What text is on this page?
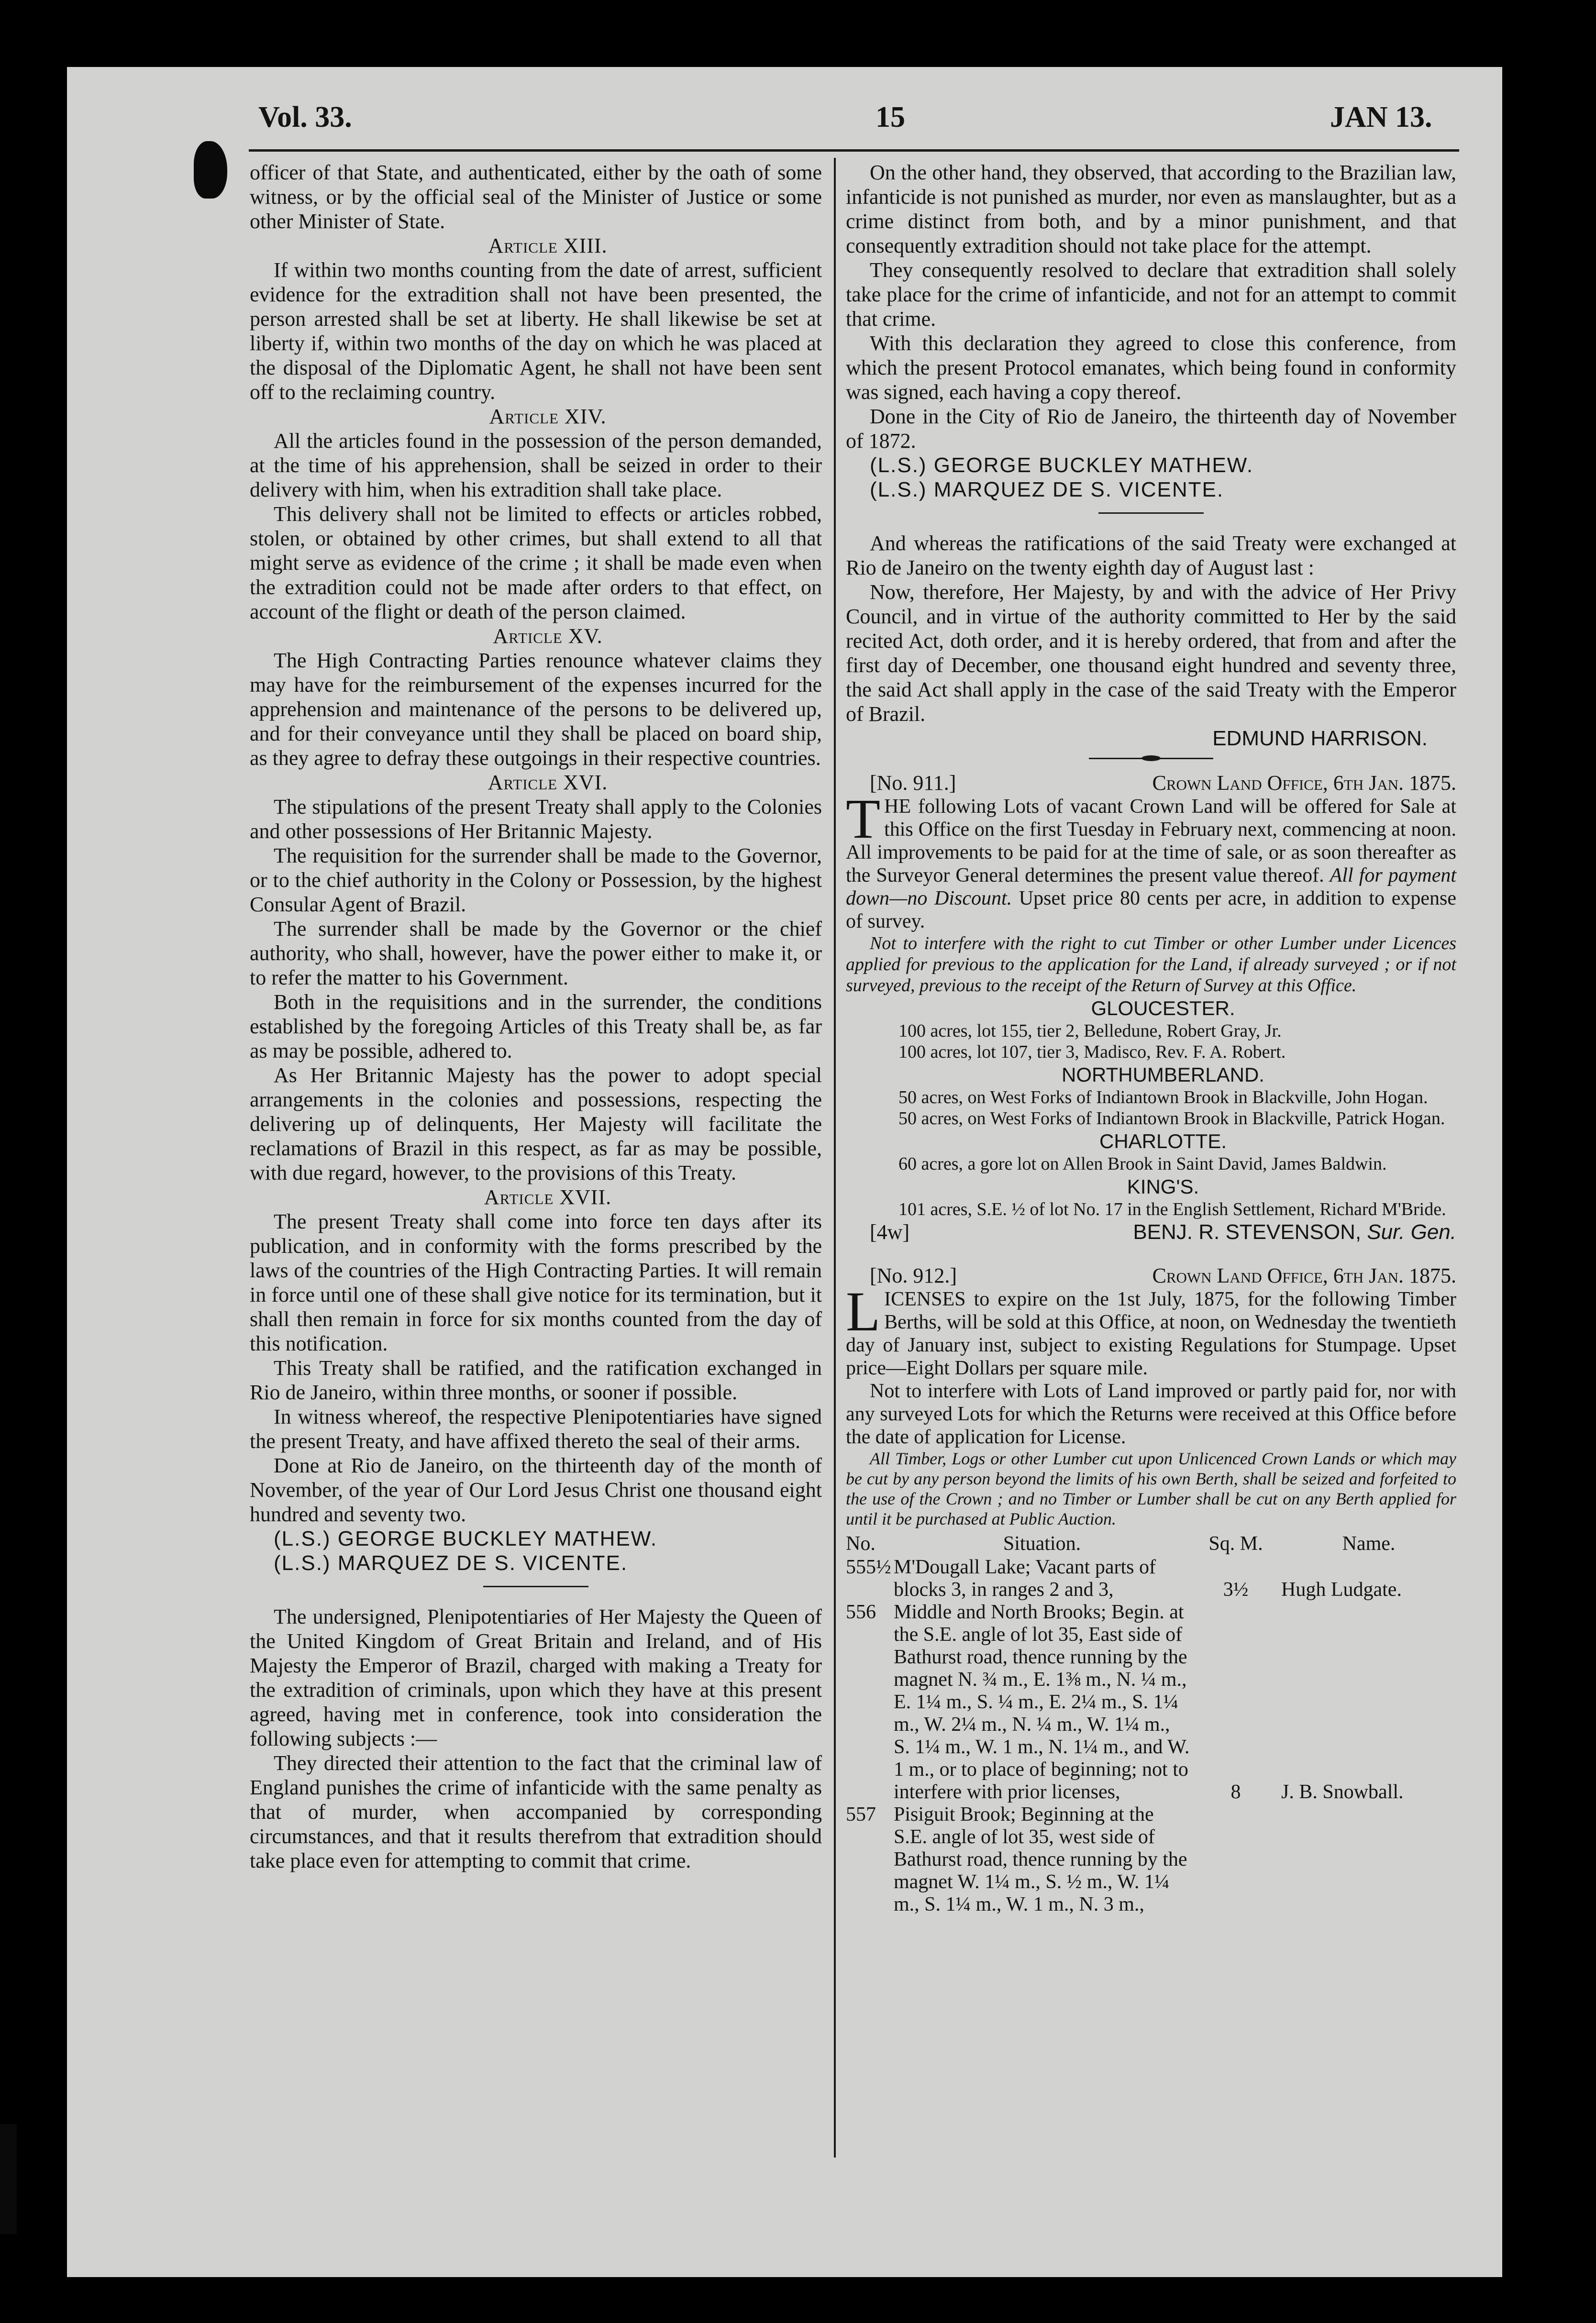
Vol. 33.	15	JAN 13.

officer of that State, and authenticated, either by the oath of some witness, or by the official seal of the Minister of Justice or some other Minister of State.

Article XIII.

If within two months counting from the date of arrest, sufficient evidence for the extradition shall not have been presented, the person arrested shall be set at liberty. He shall likewise be set at liberty if, within two months of the day on which he was placed at the disposal of the Diplomatic Agent, he shall not have been sent off to the reclaiming country.

Article XIV.

All the articles found in the possession of the person demanded, at the time of his apprehension, shall be seized in order to their delivery with him, when his extradition shall take place.

This delivery shall not be limited to effects or articles robbed, stolen, or obtained by other crimes, but shall extend to all that might serve as evidence of the crime ; it shall be made even when the extradition could not be made after orders to that effect, on account of the flight or death of the person claimed.

Article XV.

The High Contracting Parties renounce whatever claims they may have for the reimbursement of the expenses incurred for the apprehension and maintenance of the persons to be delivered up, and for their conveyance until they shall be placed on board ship, as they agree to defray these outgoings in their respective countries.

Article XVI.

The stipulations of the present Treaty shall apply to the Colonies and other possessions of Her Britannic Majesty.

The requisition for the surrender shall be made to the Governor, or to the chief authority in the Colony or Possession, by the highest Consular Agent of Brazil.

The surrender shall be made by the Governor or the chief authority, who shall, however, have the power either to make it, or to refer the matter to his Government.

Both in the requisitions and in the surrender, the conditions established by the foregoing Articles of this Treaty shall be, as far as may be possible, adhered to.

As Her Britannic Majesty has the power to adopt special arrangements in the colonies and possessions, respecting the delivering up of delinquents, Her Majesty will facilitate the reclamations of Brazil in this respect, as far as may be possible, with due regard, however, to the provisions of this Treaty.

Article XVII.

The present Treaty shall come into force ten days after its publication, and in conformity with the forms prescribed by the laws of the countries of the High Contracting Parties. It will remain in force until one of these shall give notice for its termination, but it shall then remain in force for six months counted from the day of this notification.

This Treaty shall be ratified, and the ratification exchanged in Rio de Janeiro, within three months, or sooner if possible.

In witness whereof, the respective Plenipotentiaries have signed the present Treaty, and have affixed thereto the seal of their arms.

Done at Rio de Janeiro, on the thirteenth day of the month of November, of the year of Our Lord Jesus Christ one thousand eight hundred and seventy two.

(L.S.) GEORGE BUCKLEY MATHEW.

(L.S.) MARQUEZ DE S. VICENTE.

The undersigned, Plenipotentiaries of Her Majesty the Queen of the United Kingdom of Great Britain and Ireland, and of His Majesty the Emperor of Brazil, charged with making a Treaty for the extradition of criminals, upon which they have at this present agreed, having met in conference, took into consideration the following subjects :—

They directed their attention to the fact that the criminal law of England punishes the crime of infanticide with the same penalty as that of murder, when accompanied by corresponding circumstances, and that it results therefrom that extradition should take place even for attempting to commit that crime.

On the other hand, they observed, that according to the Brazilian law, infanticide is not punished as murder, nor even as manslaughter, but as a crime distinct from both, and by a minor punishment, and that consequently extradition should not take place for the attempt.

They consequently resolved to declare that extradition shall solely take place for the crime of infanticide, and not for an attempt to commit that crime.

With this declaration they agreed to close this conference, from which the present Protocol emanates, which being found in conformity was signed, each having a copy thereof.

Done in the City of Rio de Janeiro, the thirteenth day of November of 1872.

(L.S.) GEORGE BUCKLEY MATHEW.

(L.S.) MARQUEZ DE S. VICENTE.

And whereas the ratifications of the said Treaty were exchanged at Rio de Janeiro on the twenty eighth day of August last :

Now, therefore, Her Majesty, by and with the advice of Her Privy Council, and in virtue of the authority committed to Her by the said recited Act, doth order, and it is hereby ordered, that from and after the first day of December, one thousand eight hundred and seventy three, the said Act shall apply in the case of the said Treaty with the Emperor of Brazil.

EDMUND HARRISON.

[No. 911.]	Crown Land Office, 6th Jan. 1875.

THE following Lots of vacant Crown Land will be offered for Sale at this Office on the first Tuesday in February next, commencing at noon. All improvements to be paid for at the time of sale, or as soon thereafter as the Surveyor General determines the present value thereof. All for payment down—no Discount. Upset price 80 cents per acre, in addition to expense of survey.

Not to interfere with the right to cut Timber or other Lumber under Licences applied for previous to the application for the Land, if already surveyed ; or if not surveyed, previous to the receipt of the Return of Survey at this Office.

GLOUCESTER.

100 acres, lot 155, tier 2, Belledune, Robert Gray, Jr.

100 acres, lot 107, tier 3, Madisco, Rev. F. A. Robert.

NORTHUMBERLAND.

50 acres, on West Forks of Indiantown Brook in Blackville, John Hogan.

50 acres, on West Forks of Indiantown Brook in Blackville, Patrick Hogan.

CHARLOTTE.

60 acres, a gore lot on Allen Brook in Saint David, James Baldwin.

KING'S.

101 acres, S.E. ½ of lot No. 17 in the English Settlement, Richard M'Bride.

[4w]	BENJ. R. STEVENSON, Sur. Gen.

[No. 912.]	Crown Land Office, 6th Jan. 1875.

LICENSES to expire on the 1st July, 1875, for the following Timber Berths, will be sold at this Office, at noon, on Wednesday the twentieth day of January inst, subject to existing Regulations for Stumpage. Upset price—Eight Dollars per square mile.

Not to interfere with Lots of Land improved or partly paid for, nor with any surveyed Lots for which the Returns were received at this Office before the date of application for License.

All Timber, Logs or other Lumber cut upon Unlicenced Crown Lands or which may be cut by any person beyond the limits of his own Berth, shall be seized and forfeited to the use of the Crown ; and no Timber or Lumber shall be cut on any Berth applied for until it be purchased at Public Auction.

No.	Situation.	Sq. M.	Name.
555½ M'Dougall Lake; Vacant parts of blocks 3, in ranges 2 and 3,	3½	Hugh Ludgate.
556 Middle and North Brooks; Begin. at the S.E. angle of lot 35, East side of Bathurst road, thence running by the magnet N. ¾ m., E. 1⅜ m., N. ¼ m., E. 1¼ m., S. ¼ m., E. 2¼ m., S. 1¼ m., W. 2¼ m., N. ¼ m., W. 1¼ m., S. 1¼ m., W. 1 m., N. 1¼ m., and W. 1 m., or to place of beginning; not to interfere with prior licenses,	8	J. B. Snowball.
557 Pisiguit Brook; Beginning at the S.E. angle of lot 35, west side of Bathurst road, thence running by the magnet W. 1¼ m., S. ½ m., W. 1¼ m., S. 1¼ m., W. 1 m., N. 3 m.,
